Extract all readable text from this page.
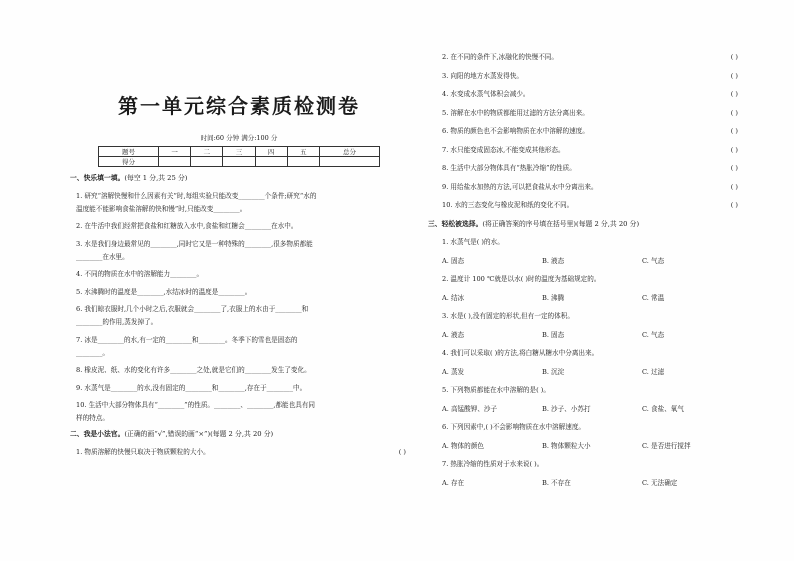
第一单元综合素质检测卷
时间:60 分钟 满分:100 分
题号	一	二	三	四	五	总分
得分						
一、快乐填一填。(每空 1 分,共 25 分)
1. 研究“溶解快慢和什么因素有关”时,每组实验只能改变________个条件;研究“水的
温度能不能影响食盐溶解的快和慢”时,只能改变________。
2. 在牛活中我们经常把食盐和红糖放入水中,食盐和红糖会________在水中。
3. 水是我们身边最常见的________,同时它又是一种特殊的________,很多物质都能
________在水里。
4. 不同的物质在水中的溶解能力________。
5. 水沸腾时的温度是________,水结冰时的温度是________。
6. 我们晾衣服时,几个小时之后,衣服就会________了,衣服上的水由于________和
________的作用,蒸发掉了。
7. 冰是________的水,有一定的________和________。冬季下的雪也是固态的
________。
8. 橡皮泥、纸、水的变化有许多________之处,就是它们的________发生了变化。
9. 水蒸气是________的水,没有固定的________和________,存在于________中。
10. 生活中大部分物体具有“________”的性质。________、________,都能也具有同
样的特点。
二、我是小法官。(正确的画“√”,错误的画“×”)(每题 2 分,共 20 分)
1. 物质溶解的快慢只取决于物质颗粒的大小。	( )
2. 在不同的条件下,冰融化的快慢不同。	( )
3. 向阳的地方水蒸发得快。	( )
4. 水变成水蒸气体积会减少。	( )
5. 溶解在水中的物质都能用过滤的方法分离出来。	( )
6. 物质的颜色也不会影响物质在水中溶解的速度。	( )
7. 水只能变成固态冰,不能变成其他形态。	( )
8. 生活中大部分物体具有“热胀冷缩”的性质。	( )
9. 用给盐水加热的方法,可以把食盐从水中分离出来。	( )
10. 水的三态变化与橡皮泥和纸的变化不同。	( )
三、轻松被选择。(将正确答案的序号填在括号里)(每题 2 分,共 20 分)
1. 水蒸气是( )的水。
A. 固态	B. 液态	C. 气态
2. 温度计 100 ℃就是以水( )时的温度为基础规定的。
A. 结冰	B. 沸腾	C. 常温
3. 水是( ),没有固定的形状,但有一定的体积。
A. 液态	B. 固态	C. 气态
4. 我们可以采取( )的方法,将白糖从糖水中分离出来。
A. 蒸发	B. 沉淀	C. 过滤
5. 下列物质都能在水中溶解的是( )。
A. 高锰酸钾、沙子	B. 沙子、小苏打	C. 食盐、氧气
6. 下列因素中,( )不会影响物质在水中溶解速度。
A. 物体的颜色	B. 物体颗粒大小	C. 是否进行搅拌
7. 热胀冷缩的性质对于水来说( )。
A. 存在	B. 不存在	C. 无法确定
